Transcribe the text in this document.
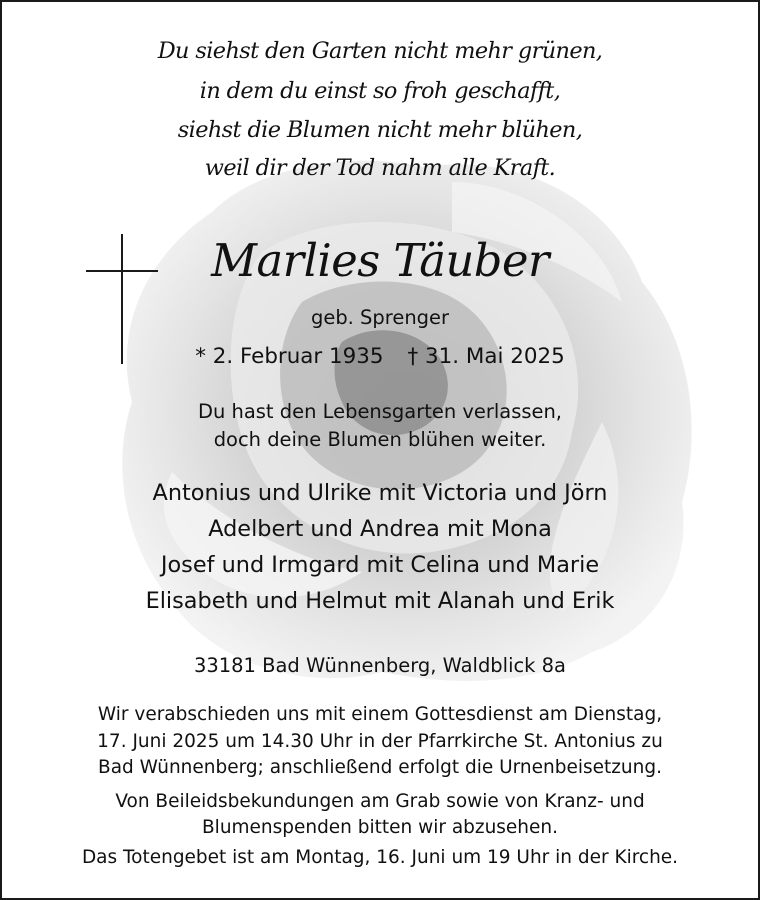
Du siehst den Garten nicht mehr grünen,
in dem du einst so froh geschafft,
siehst die Blumen nicht mehr blühen,
weil dir der Tod nahm alle Kraft.
Marlies Täuber
geb. Sprenger
* 2. Februar 1935 † 31. Mai 2025
Du hast den Lebensgarten verlassen,
doch deine Blumen blühen weiter.
Antonius und Ulrike mit Victoria und Jörn
Adelbert und Andrea mit Mona
Josef und Irmgard mit Celina und Marie
Elisabeth und Helmut mit Alanah und Erik
33181 Bad Wünnenberg, Waldblick 8a
Wir verabschieden uns mit einem Gottesdienst am Dienstag,
17. Juni 2025 um 14.30 Uhr in der Pfarrkirche St. Antonius zu
Bad Wünnenberg; anschließend erfolgt die Urnenbeisetzung.
Von Beileidsbekundungen am Grab sowie von Kranz- und
Blumenspenden bitten wir abzusehen.
Das Totengebet ist am Montag, 16. Juni um 19 Uhr in der Kirche.
